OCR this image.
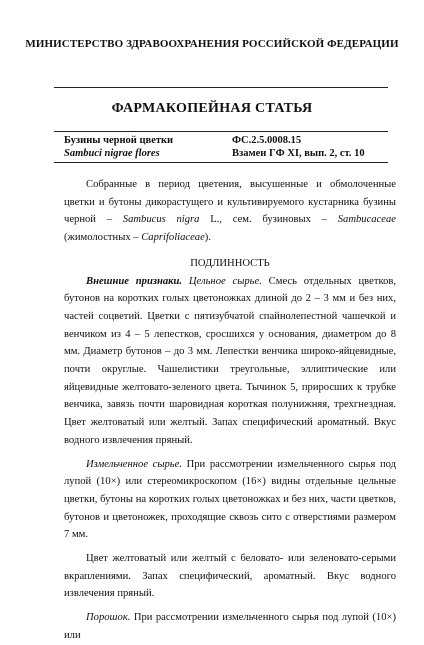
МИНИСТЕРСТВО ЗДРАВООХРАНЕНИЯ РОССИЙСКОЙ ФЕДЕРАЦИИ
ФАРМАКОПЕЙНАЯ СТАТЬЯ
Бузины черной цветки	ФС.2.5.0008.15
Sambuci nigrae flores	Взамен ГФ XI, вып. 2, ст. 10

Собранные в период цветения, высушенные и обмолоченные цветки и бутоны дикорастущего и культивируемого кустарника бузины черной – Sambucus nigra L., сем. бузиновых – Sambucaceae (жимолостных – Caprifoliaceae).

ПОДЛИННОСТЬ

Внешние признаки. Цельное сырье. Смесь отдельных цветков, бутонов на коротких голых цветоножках длиной до 2 – 3 мм и без них, частей соцветий. Цветки с пятизубчатой спайнолепестной чашечкой и венчиком из 4 – 5 лепестков, сросшихся у основания, диаметром до 8 мм. Диаметр бутонов – до 3 мм. Лепестки венчика широко-яйцевидные, почти округлые. Чашелистики треугольные, эллиптические или яйцевидные желтовато-зеленого цвета. Тычинок 5, приросших к трубке венчика, завязь почти шаровидная короткая полунижняя, трехгнездная. Цвет желтоватый или желтый. Запах специфический ароматный. Вкус водного извлечения пряный.

Измельченное сырье. При рассмотрении измельченного сырья под лупой (10×) или стереомикроскопом (16×) видны отдельные цельные цветки, бутоны на коротких голых цветоножках и без них, части цветков, бутонов и цветоножек, проходящие сквозь сито с отверстиями размером 7 мм.

Цвет желтоватый или желтый с беловато- или зеленовато-серыми вкраплениями. Запах специфический, ароматный. Вкус водного извлечения пряный.

Порошок. При рассмотрении измельченного сырья под лупой (10×) или
